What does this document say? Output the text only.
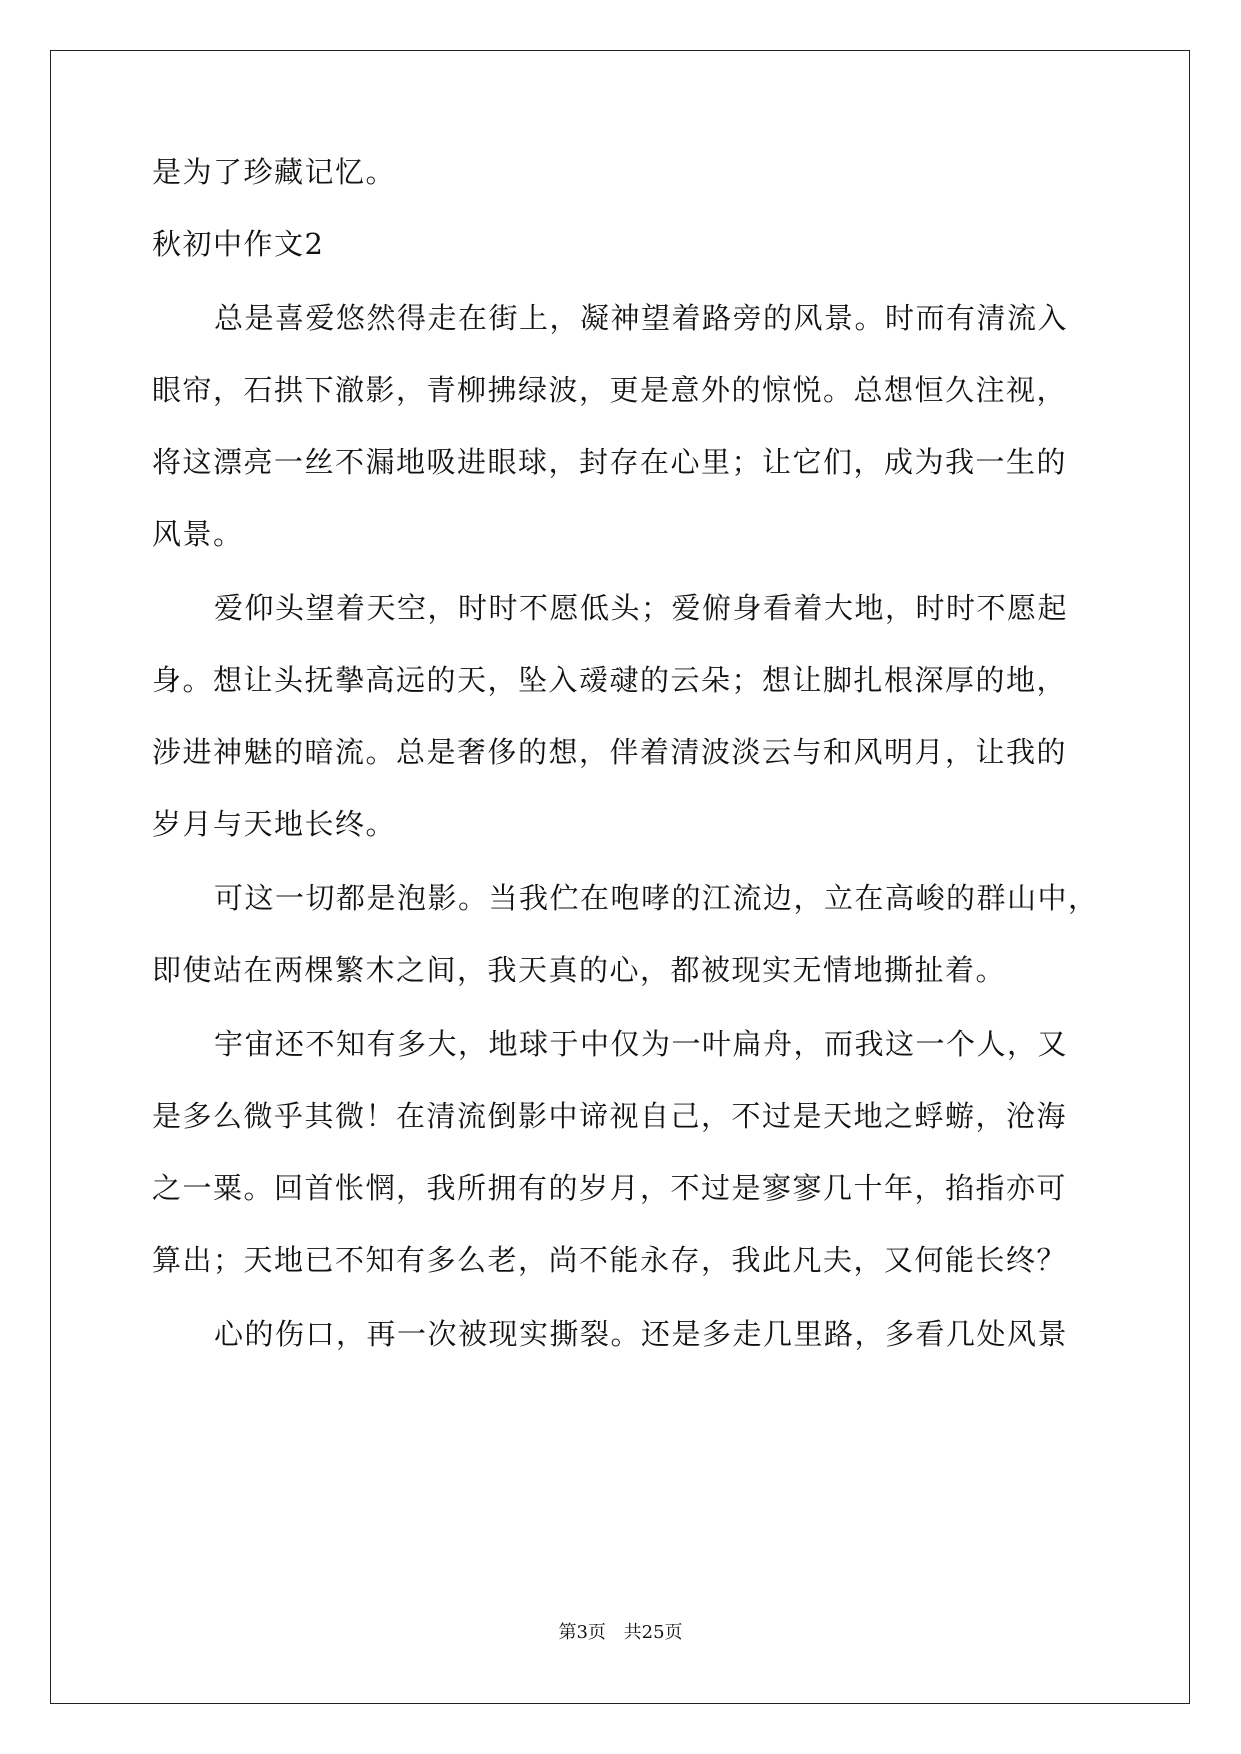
是为了珍藏记忆。
秋初中作文2
总是喜爱悠然得走在街上，凝神望着路旁的风景。时而有清流入
眼帘，石拱下澈影，青柳拂绿波，更是意外的惊悦。总想恒久注视，
将这漂亮一丝不漏地吸进眼球，封存在心里；让它们，成为我一生的
风景。
爱仰头望着天空，时时不愿低头；爱俯身看着大地，时时不愿起
身。想让头抚摰高远的天，坠入叆叇的云朵；想让脚扎根深厚的地，
涉进神魅的暗流。总是奢侈的想，伴着清波淡云与和风明月，让我的
岁月与天地长终。
可这一切都是泡影。当我伫在咆哮的江流边，立在高峻的群山中，
即使站在两棵繁木之间，我天真的心，都被现实无情地撕扯着。
宇宙还不知有多大，地球于中仅为一叶扁舟，而我这一个人，又
是多么微乎其微！在清流倒影中谛视自己，不过是天地之蜉蝣，沧海
之一粟。回首怅惘，我所拥有的岁月，不过是寥寥几十年，掐指亦可
算出；天地已不知有多么老，尚不能永存，我此凡夫，又何能长终？
心的伤口，再一次被现实撕裂。还是多走几里路，多看几处风景
第3页 共25页
